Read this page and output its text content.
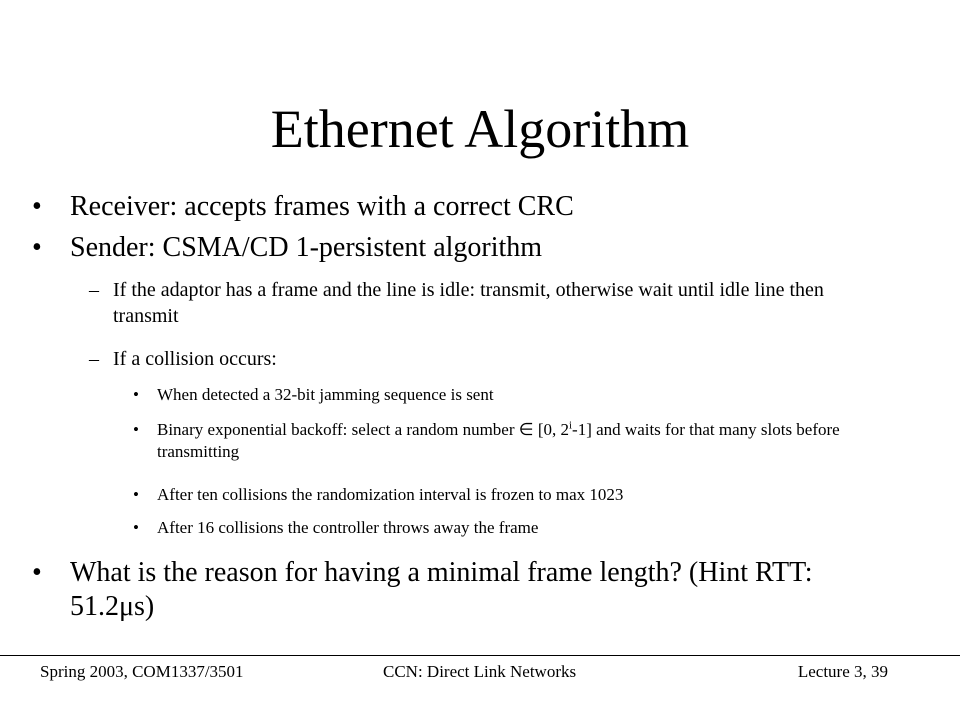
Ethernet Algorithm
• Receiver: accepts frames with a correct CRC
• Sender: CSMA/CD 1-persistent algorithm
– If the adaptor has a frame and the line is idle: transmit, otherwise wait until idle line then transmit
– If a collision occurs:
• When detected a 32-bit jamming sequence is sent
• Binary exponential backoff: select a random number ∈ [0, 2$^i$-1] and waits for that many slots before transmitting
• After ten collisions the randomization interval is frozen to max 1023
• After 16 collisions the controller throws away the frame
• What is the reason for having a minimal frame length? (Hint RTT: 51.2μs)
Spring 2003, COM1337/3501	CCN: Direct Link Networks	Lecture 3, 39
